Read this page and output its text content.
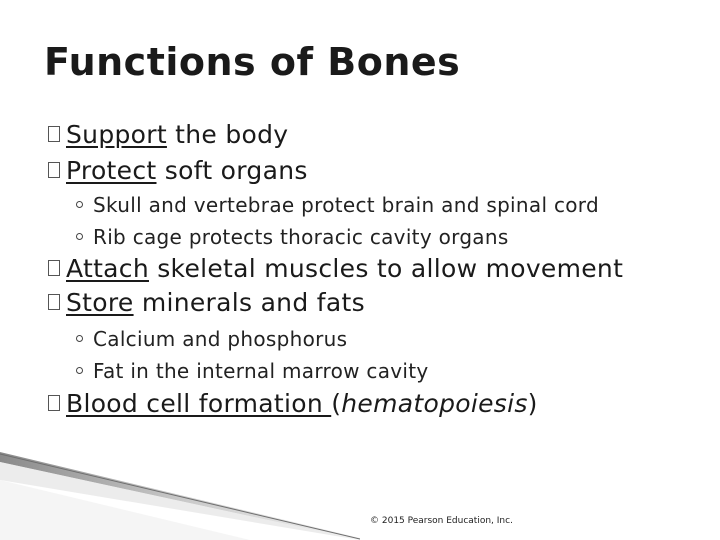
Functions of Bones
Support the body
Protect soft organs
Skull and vertebrae protect brain and spinal cord
Rib cage protects thoracic cavity organs
Attach skeletal muscles to allow movement
Store minerals and fats
Calcium and phosphorus
Fat in the internal marrow cavity
Blood cell formation (hematopoiesis)
© 2015 Pearson Education, Inc.
